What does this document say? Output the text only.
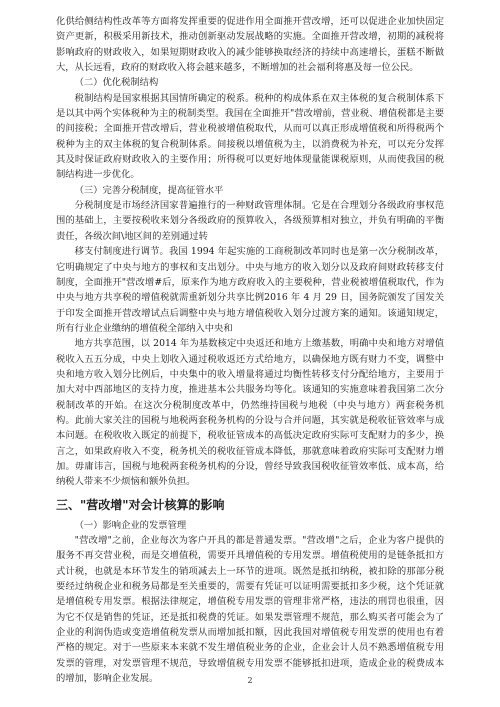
化供给侧结构性改革等方面将发挥重要的促进作用全面推开营改增，还可以促进企业加快固定资产更新，积极采用新技术，推动创新驱动发展战略的实施。全面推开营改增，初期的减税将影响政府的财政收入，如果短期财政收入的减少能够换取经济的持续中高速增长，蛋糕不断做大，从长远看，政府的财政收入将会越来越多，不断增加的社会福利将惠及每一位公民。

（二）优化税制结构

税制结构是国家根据其国情所确定的税系。税种的构成体系在双主体税的复合税制体系下是以其中两个实体税种为主的税制类型。我国在全面推开"营改增前，营业税、增值税都是主要的间接税；全面推开营改增后，营业税被增值税取代，从而可以真正形成增值税和所得税两个税种为主的双主体税的复合税制体系。间接税以增值税为主，以消费税为补充，可以充分发挥其及时保证政府财政收入的主要作用；所得税可以更好地体现量能课税原则，从而使我国的税制结构进一步优化。

（三）完善分税制度，提高征管水平

分税制度是市场经济国家普遍推行的一种财政管理体制。它是在合理划分各级政府事权范围的基础上，主要按税收来划分各级政府的预算收入，各级预算相对独立，并负有明确的平衡责任，各级次间\地区间的差别通过转

移支付制度进行调节。我国 1994 年起实施的工商税制改革同时也是第一次分税制改革，它明确规定了中央与地方的事权和支出划分。中央与地方的收入划分以及政府间财政转移支付制度，全面推开"营改增#后，原来作为地方政府收入的主要税种，营业税被增值税取代，作为中央与地方共享税的增值税就需重新划分共享比例2016 年 4 月 29 日，国务院颁发了国发关于印发全面推开营改增试点后调整中央与地方增值税收入划分过渡方案的通知。该通知规定，所有行业企业缴纳的增值税全部纳入中央和

地方共享范围，以 2014 年为基数核定中央返还和地方上缴基数，明确中央和地方对增值税收入五五分成，中央上划收入通过税收返还方式给地方，以确保地方既有财力不变，调整中央和地方收入划分比例后，中央集中的收入增量将通过均衡性转移支付分配给地方，主要用于加大对中西部地区的支持力度，推进基本公共服务均等化。该通知的实施意味着我国第二次分税制改革的开始。在这次分税制度改革中，仍然维持国税与地税（中央与地方）两套税务机构。此前大家关注的国税与地税两套税务机构的分设与合并问题，其实就是税收征管效率与成本问题。在税收收入既定的前提下，税收征管成本的高低决定政府实际可支配财力的多少，换言之，如果政府收入不变，税务机关的税收征管成本降低，那就意味着政府实际可支配财力增加。毋庸讳言，国税与地税两套税务机构的分设，曾经导致我国税收征管效率低、成本高，给纳税人带来不少烦恼和额外负担。

三、"营改增"对会计核算的影响

（一）影响企业的发票管理

"营改增"之前，企业每次为客户开具的都是普通发票。"营改增"之后，企业为客户提供的服务不再交营业税，而是交增值税，需要开具增值税的专用发票。增值税使用的是链条抵扣方式计税，也就是本环节发生的销项减去上一环节的进项。既然是抵扣纳税，被扣除的那部分税要经过纳税企业和税务局都是至关重要的，需要有凭证可以证明需要抵扣多少税，这个凭证就是增值税专用发票。根据法律规定，增值税专用发票的管理非常严格，违法的刑罚也很重，因为它不仅是销售的凭证，还是抵扣税费的凭证。如果发票管理不规范，那么购买者可能会为了企业的利润伪造或变造增值税发票从而增加抵扣额，因此我国对增值税专用发票的使用也有着严格的规定。对于一些原来本来就不发生增值税业务的企业，企业会计人员不熟悉增值税专用发票的管理，对发票管理不规范，导致增值税专用发票不能够抵扣进项，造成企业的税费成本的增加，影响企业发展。	2
